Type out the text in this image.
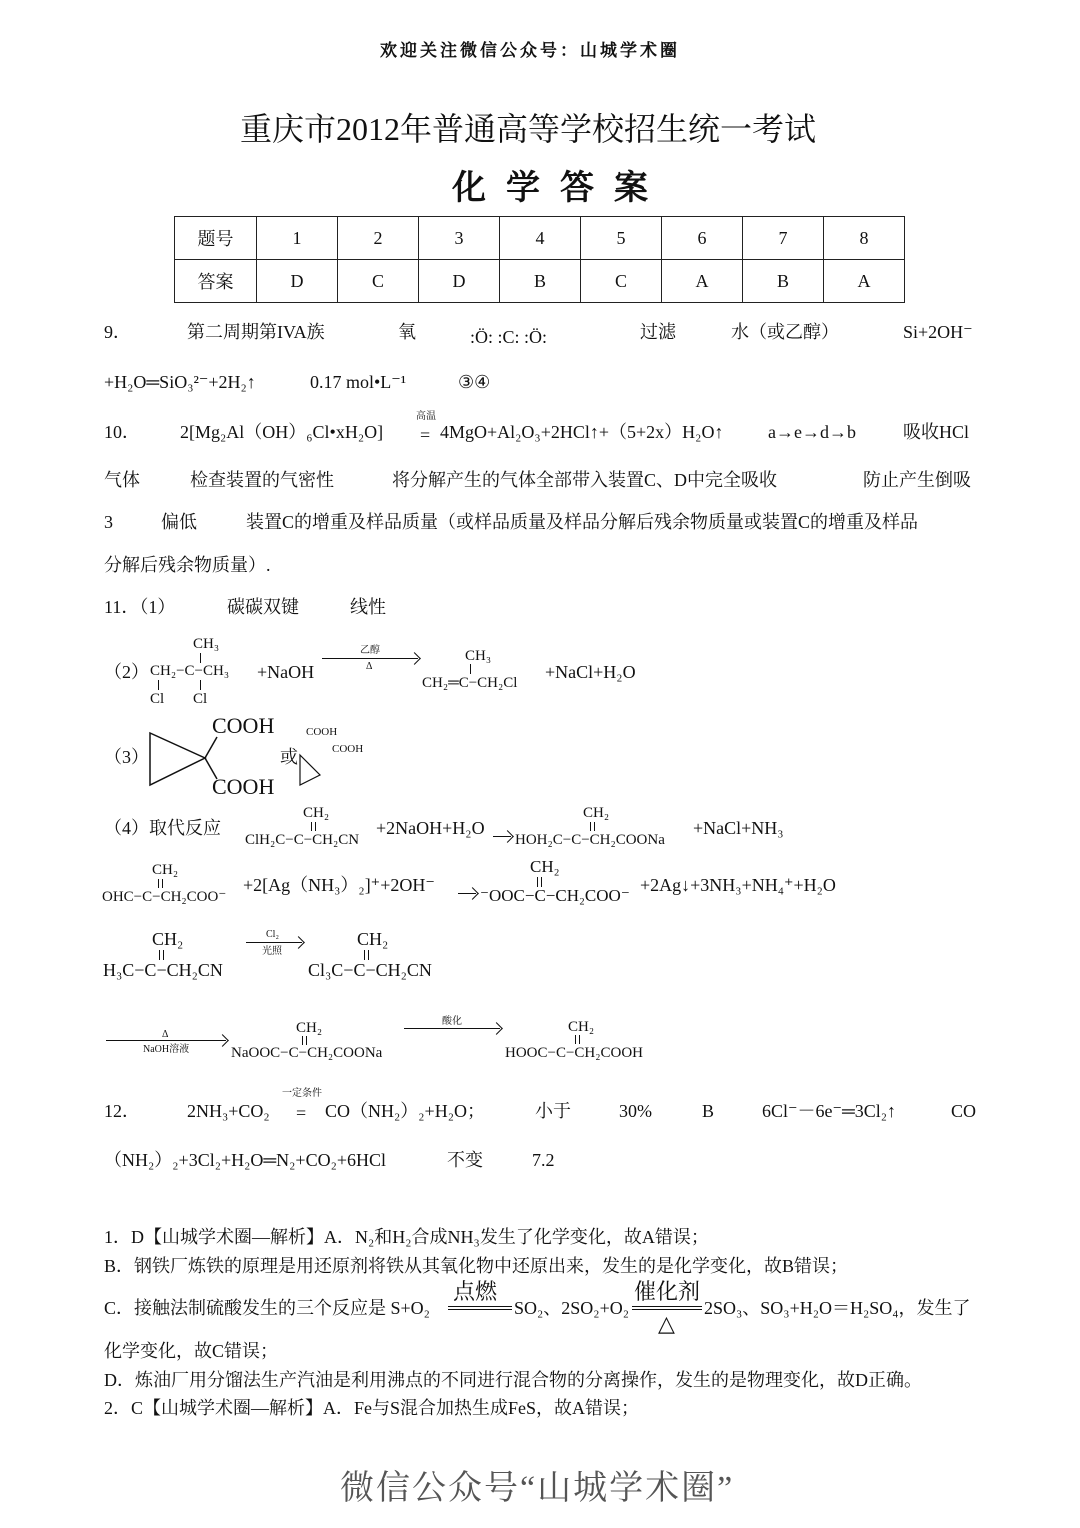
欢迎关注微信公众号：山城学术圈
重庆市2012年普通高等学校招生统一考试
化学答案
题号	1	2	3	4	5	6	7	8
答案	D	C	D	B	C	A	B	A
9．	第二周期第IVA族	氧	:Ö: :C: :Ö:	过滤	水（或乙醇）	Si+2OH⁻
+H₂O═SiO₃²⁻+2H₂↑	0.17 mol•L⁻¹	③④
10． 2[Mg₂Al（OH）₆Cl•xH₂O]
高温
= 4MgO+Al₂O₃+2HCl↑+（5+2x）H₂O↑ a→e→d→b	吸收HCl
气体	检查装置的气密性	将分解产生的气体全部带入装置C、D中完全吸收	防止产生倒吸
3	偏低	装置C的增重及样品质量（或样品质量及样品分解后残余物质量或装置C的增重及样品
分解后残余物质量）.
11．（1）	碳碳双键	线性
（2）
CH₃
CH₂−C−CH₃
Cl Cl
+NaOH
乙醇
Δ
CH₃
CH₂═C−CH₂Cl
+NaCl+H₂O
（3）
COOH
COOH
或
COOH
COOH
（4）取代反应
CH₂
ClH₂C−C−CH₂CN
+2NaOH+H₂O
CH₂
HOH₂C−C−CH₂COONa
+NaCl+NH₃
CH₂
OHC−C−CH₂COO⁻
+2[Ag（NH₃）₂]⁺+2OH⁻
CH₂
⁻OOC−C−CH₂COO⁻
+2Ag↓+3NH₃+NH₄⁺+H₂O
CH₂
H₃C−C−CH₂CN
Cl₂
光照
CH₂
Cl₃C−C−CH₂CN
Δ
NaOH溶液
CH₂
NaOOC−C−CH₂COONa
酸化	CH₂
HOOC−C−CH₂COOH
12．	2NH₃+CO₂
一定条件
= CO（NH₂）₂+H₂O；	小于	30%	B	6Cl⁻－6e⁻═3Cl₂↑	CO
（NH₂）₂+3Cl₂+H₂O═N₂+CO₂+6HCl	不变	7.2
1．D【山城学术圈—解析】A．N₂和H₂合成NH₃发生了化学变化，故A错误；
B．钢铁厂炼铁的原理是用还原剂将铁从其氧化物中还原出来，发生的是化学变化，故B错误；
C．接触法制硫酸发生的三个反应是 S+O₂
点燃
SO₂、2SO₂+O₂
催化剂
△
2SO₃、SO₃+H₂O＝H₂SO₄，发生了
化学变化，故C错误；
D．炼油厂用分馏法生产汽油是利用沸点的不同进行混合物的分离操作，发生的是物理变化，故D正确。
2．C【山城学术圈—解析】A．Fe与S混合加热生成FeS，故A错误；
微信公众号“山城学术圈”
